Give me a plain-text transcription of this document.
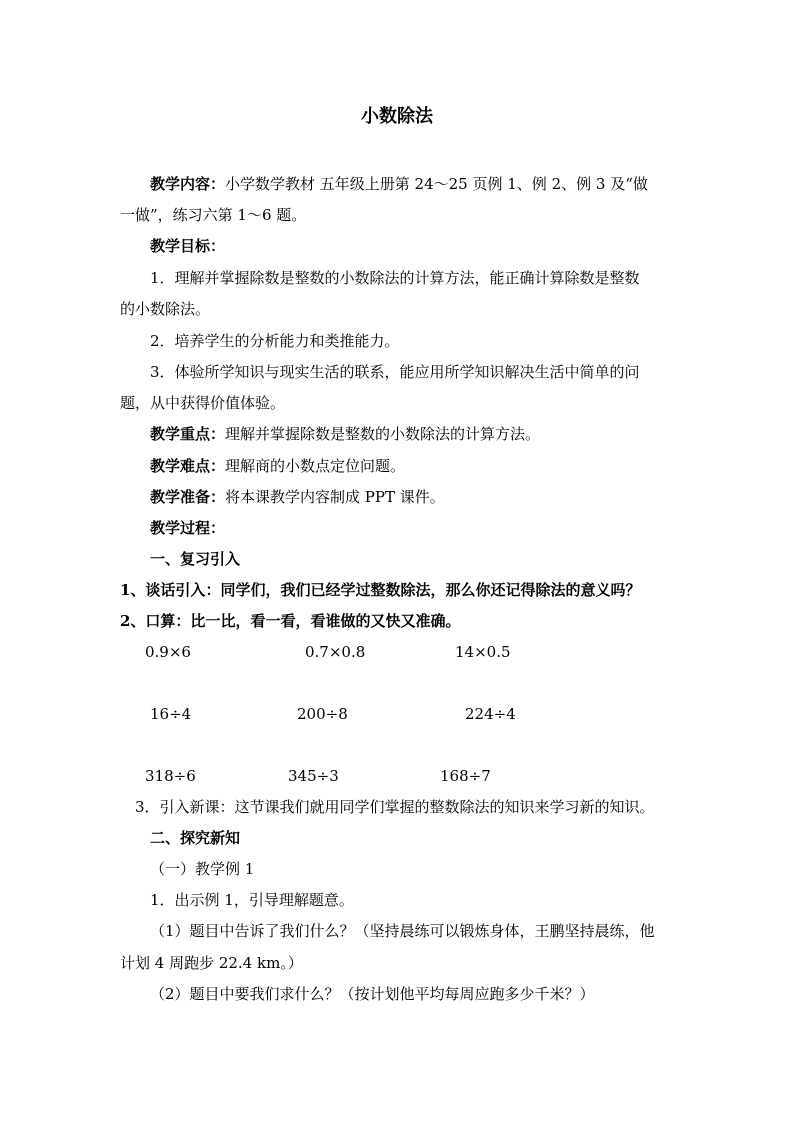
小数除法
教学内容：小学数学教材 五年级上册第 24～25 页例 1、例 2、例 3 及“做
一做”，练习六第 1～6 题。
教学目标：
1．理解并掌握除数是整数的小数除法的计算方法，能正确计算除数是整数
的小数除法。
2．培养学生的分析能力和类推能力。
3．体验所学知识与现实生活的联系，能应用所学知识解决生活中简单的问
题，从中获得价值体验。
教学重点：理解并掌握除数是整数的小数除法的计算方法。
教学难点：理解商的小数点定位问题。
教学准备：将本课教学内容制成 PPT 课件。
教学过程：
一、复习引入
1、谈话引入：同学们，我们已经学过整数除法，那么你还记得除法的意义吗？
2、口算：比一比，看一看，看谁做的又快又准确。
0.9×6	0.7×0.8	14×0.5
16÷4	200÷8	224÷4
318÷6	345÷3	168÷7
3．引入新课：这节课我们就用同学们掌握的整数除法的知识来学习新的知识。
二、探究新知
（一）教学例 1
1．出示例 1，引导理解题意。
（1）题目中告诉了我们什么？（坚持晨练可以锻炼身体，王鹏坚持晨练，他
计划 4 周跑步 22.4 km。）
（2）题目中要我们求什么？（按计划他平均每周应跑多少千米？）
